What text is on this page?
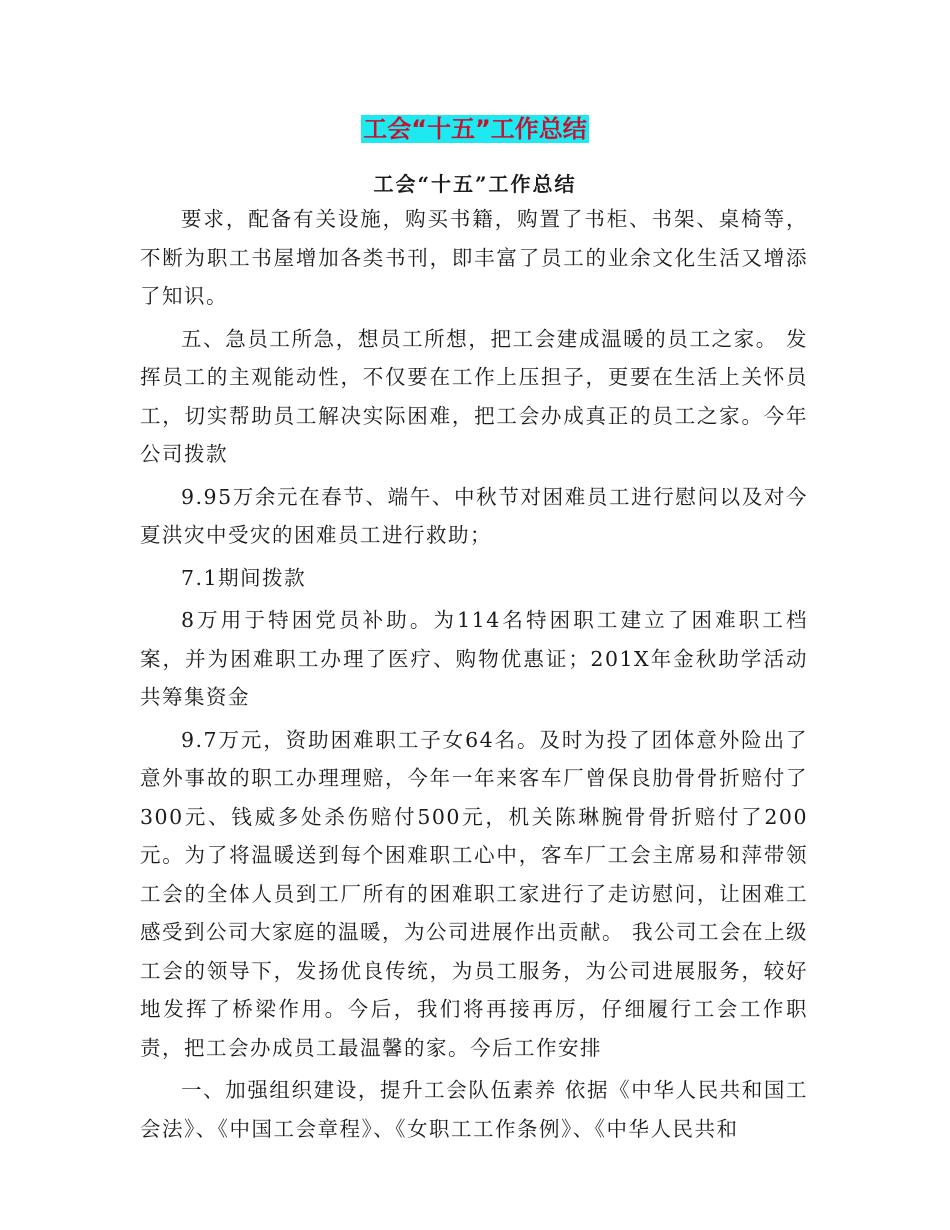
工会“十五”工作总结
工会“十五”工作总结

要求，配备有关设施，购买书籍，购置了书柜、书架、桌椅等，不断为职工书屋增加各类书刊，即丰富了员工的业余文化生活又增添了知识。

五、急员工所急，想员工所想，把工会建成温暖的员工之家。 发挥员工的主观能动性，不仅要在工作上压担子，更要在生活上关怀员工，切实帮助员工解决实际困难，把工会办成真正的员工之家。今年公司拨款

9.95万余元在春节、端午、中秋节对困难员工进行慰问以及对今夏洪灾中受灾的困难员工进行救助；

7.1期间拨款

8万用于特困党员补助。为114名特困职工建立了困难职工档案，并为困难职工办理了医疗、购物优惠证；201X年金秋助学活动共筹集资金

9.7万元，资助困难职工子女64名。及时为投了团体意外险出了意外事故的职工办理理赔，今年一年来客车厂曾保良肋骨骨折赔付了300元、钱威多处杀伤赔付500元，机关陈琳腕骨骨折赔付了200元。为了将温暖送到每个困难职工心中，客车厂工会主席易和萍带领工会的全体人员到工厂所有的困难职工家进行了走访慰问，让困难工感受到公司大家庭的温暖，为公司进展作出贡献。 我公司工会在上级工会的领导下，发扬优良传统，为员工服务，为公司进展服务，较好地发挥了桥梁作用。今后，我们将再接再厉，仔细履行工会工作职责，把工会办成员工最温馨的家。今后工作安排

一、加强组织建设，提升工会队伍素养 依据《中华人民共和国工会法》、《中国工会章程》、《女职工工作条例》、《中华人民共和
